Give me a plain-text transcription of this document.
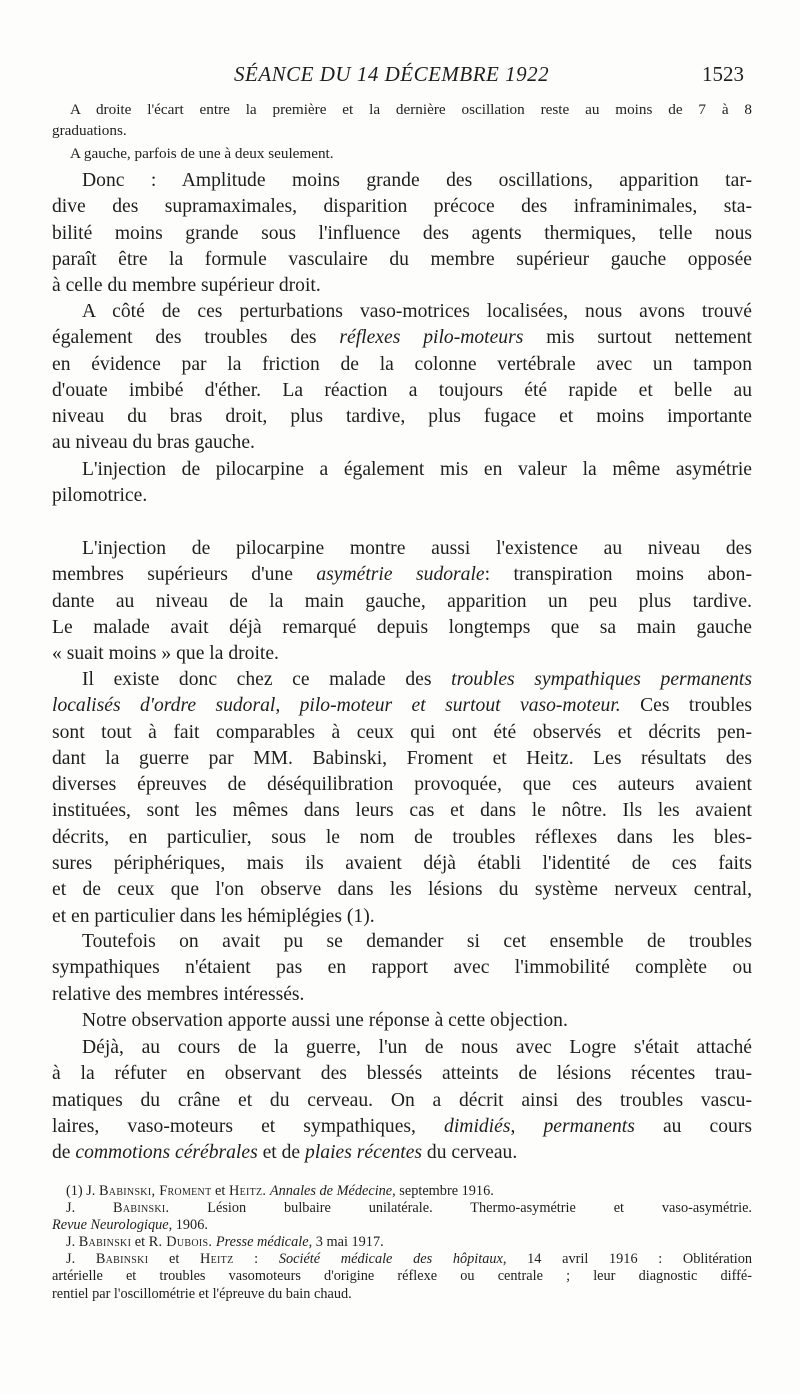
SÉANCE DU 14 DÉCEMBRE 1922	1523
A droite l'écart entre la première et la dernière oscillation reste au moins de 7 à 8
graduations.
A gauche, parfois de une à deux seulement.
Donc : Amplitude moins grande des oscillations, apparition tar-
dive des supramaximales, disparition précoce des inframinimales, sta-
bilité moins grande sous l'influence des agents thermiques, telle nous
paraît être la formule vasculaire du membre supérieur gauche opposée
à celle du membre supérieur droit.
A côté de ces perturbations vaso-motrices localisées, nous avons trouvé
également des troubles des réflexes pilo-moteurs mis surtout nettement
en évidence par la friction de la colonne vertébrale avec un tampon
d'ouate imbibé d'éther. La réaction a toujours été rapide et belle au
niveau du bras droit, plus tardive, plus fugace et moins importante
au niveau du bras gauche.
L'injection de pilocarpine a également mis en valeur la même asymétrie
pilomotrice.
L'injection de pilocarpine montre aussi l'existence au niveau des
membres supérieurs d'une asymétrie sudorale: transpiration moins abon-
dante au niveau de la main gauche, apparition un peu plus tardive.
Le malade avait déjà remarqué depuis longtemps que sa main gauche
« suait moins » que la droite.
Il existe donc chez ce malade des troubles sympathiques permanents
localisés d'ordre sudoral, pilo-moteur et surtout vaso-moteur. Ces troubles
sont tout à fait comparables à ceux qui ont été observés et décrits pen-
dant la guerre par MM. Babinski, Froment et Heitz. Les résultats des
diverses épreuves de déséquilibration provoquée, que ces auteurs avaient
instituées, sont les mêmes dans leurs cas et dans le nôtre. Ils les avaient
décrits, en particulier, sous le nom de troubles réflexes dans les bles-
sures périphériques, mais ils avaient déjà établi l'identité de ces faits
et de ceux que l'on observe dans les lésions du système nerveux central,
et en particulier dans les hémiplégies (1).
Toutefois on avait pu se demander si cet ensemble de troubles
sympathiques n'étaient pas en rapport avec l'immobilité complète ou
relative des membres intéressés.
Notre observation apporte aussi une réponse à cette objection.
Déjà, au cours de la guerre, l'un de nous avec Logre s'était attaché
à la réfuter en observant des blessés atteints de lésions récentes trau-
matiques du crâne et du cerveau. On a décrit ainsi des troubles vascu-
laires, vaso-moteurs et sympathiques, dimidiés, permanents au cours
de commotions cérébrales et de plaies récentes du cerveau.
(1) J. Babinski, Froment et Heitz. Annales de Médecine, septembre 1916.
J. Babinski. Lésion bulbaire unilatérale. Thermo-asymétrie et vaso-asymétrie.
Revue Neurologique, 1906.
J. Babinski et R. Dubois. Presse médicale, 3 mai 1917.
J. Babinski et Heitz : Société médicale des hôpitaux, 14 avril 1916 : Oblitération
artérielle et troubles vasomoteurs d'origine réflexe ou centrale ; leur diagnostic diffé-
rentiel par l'oscillométrie et l'épreuve du bain chaud.
